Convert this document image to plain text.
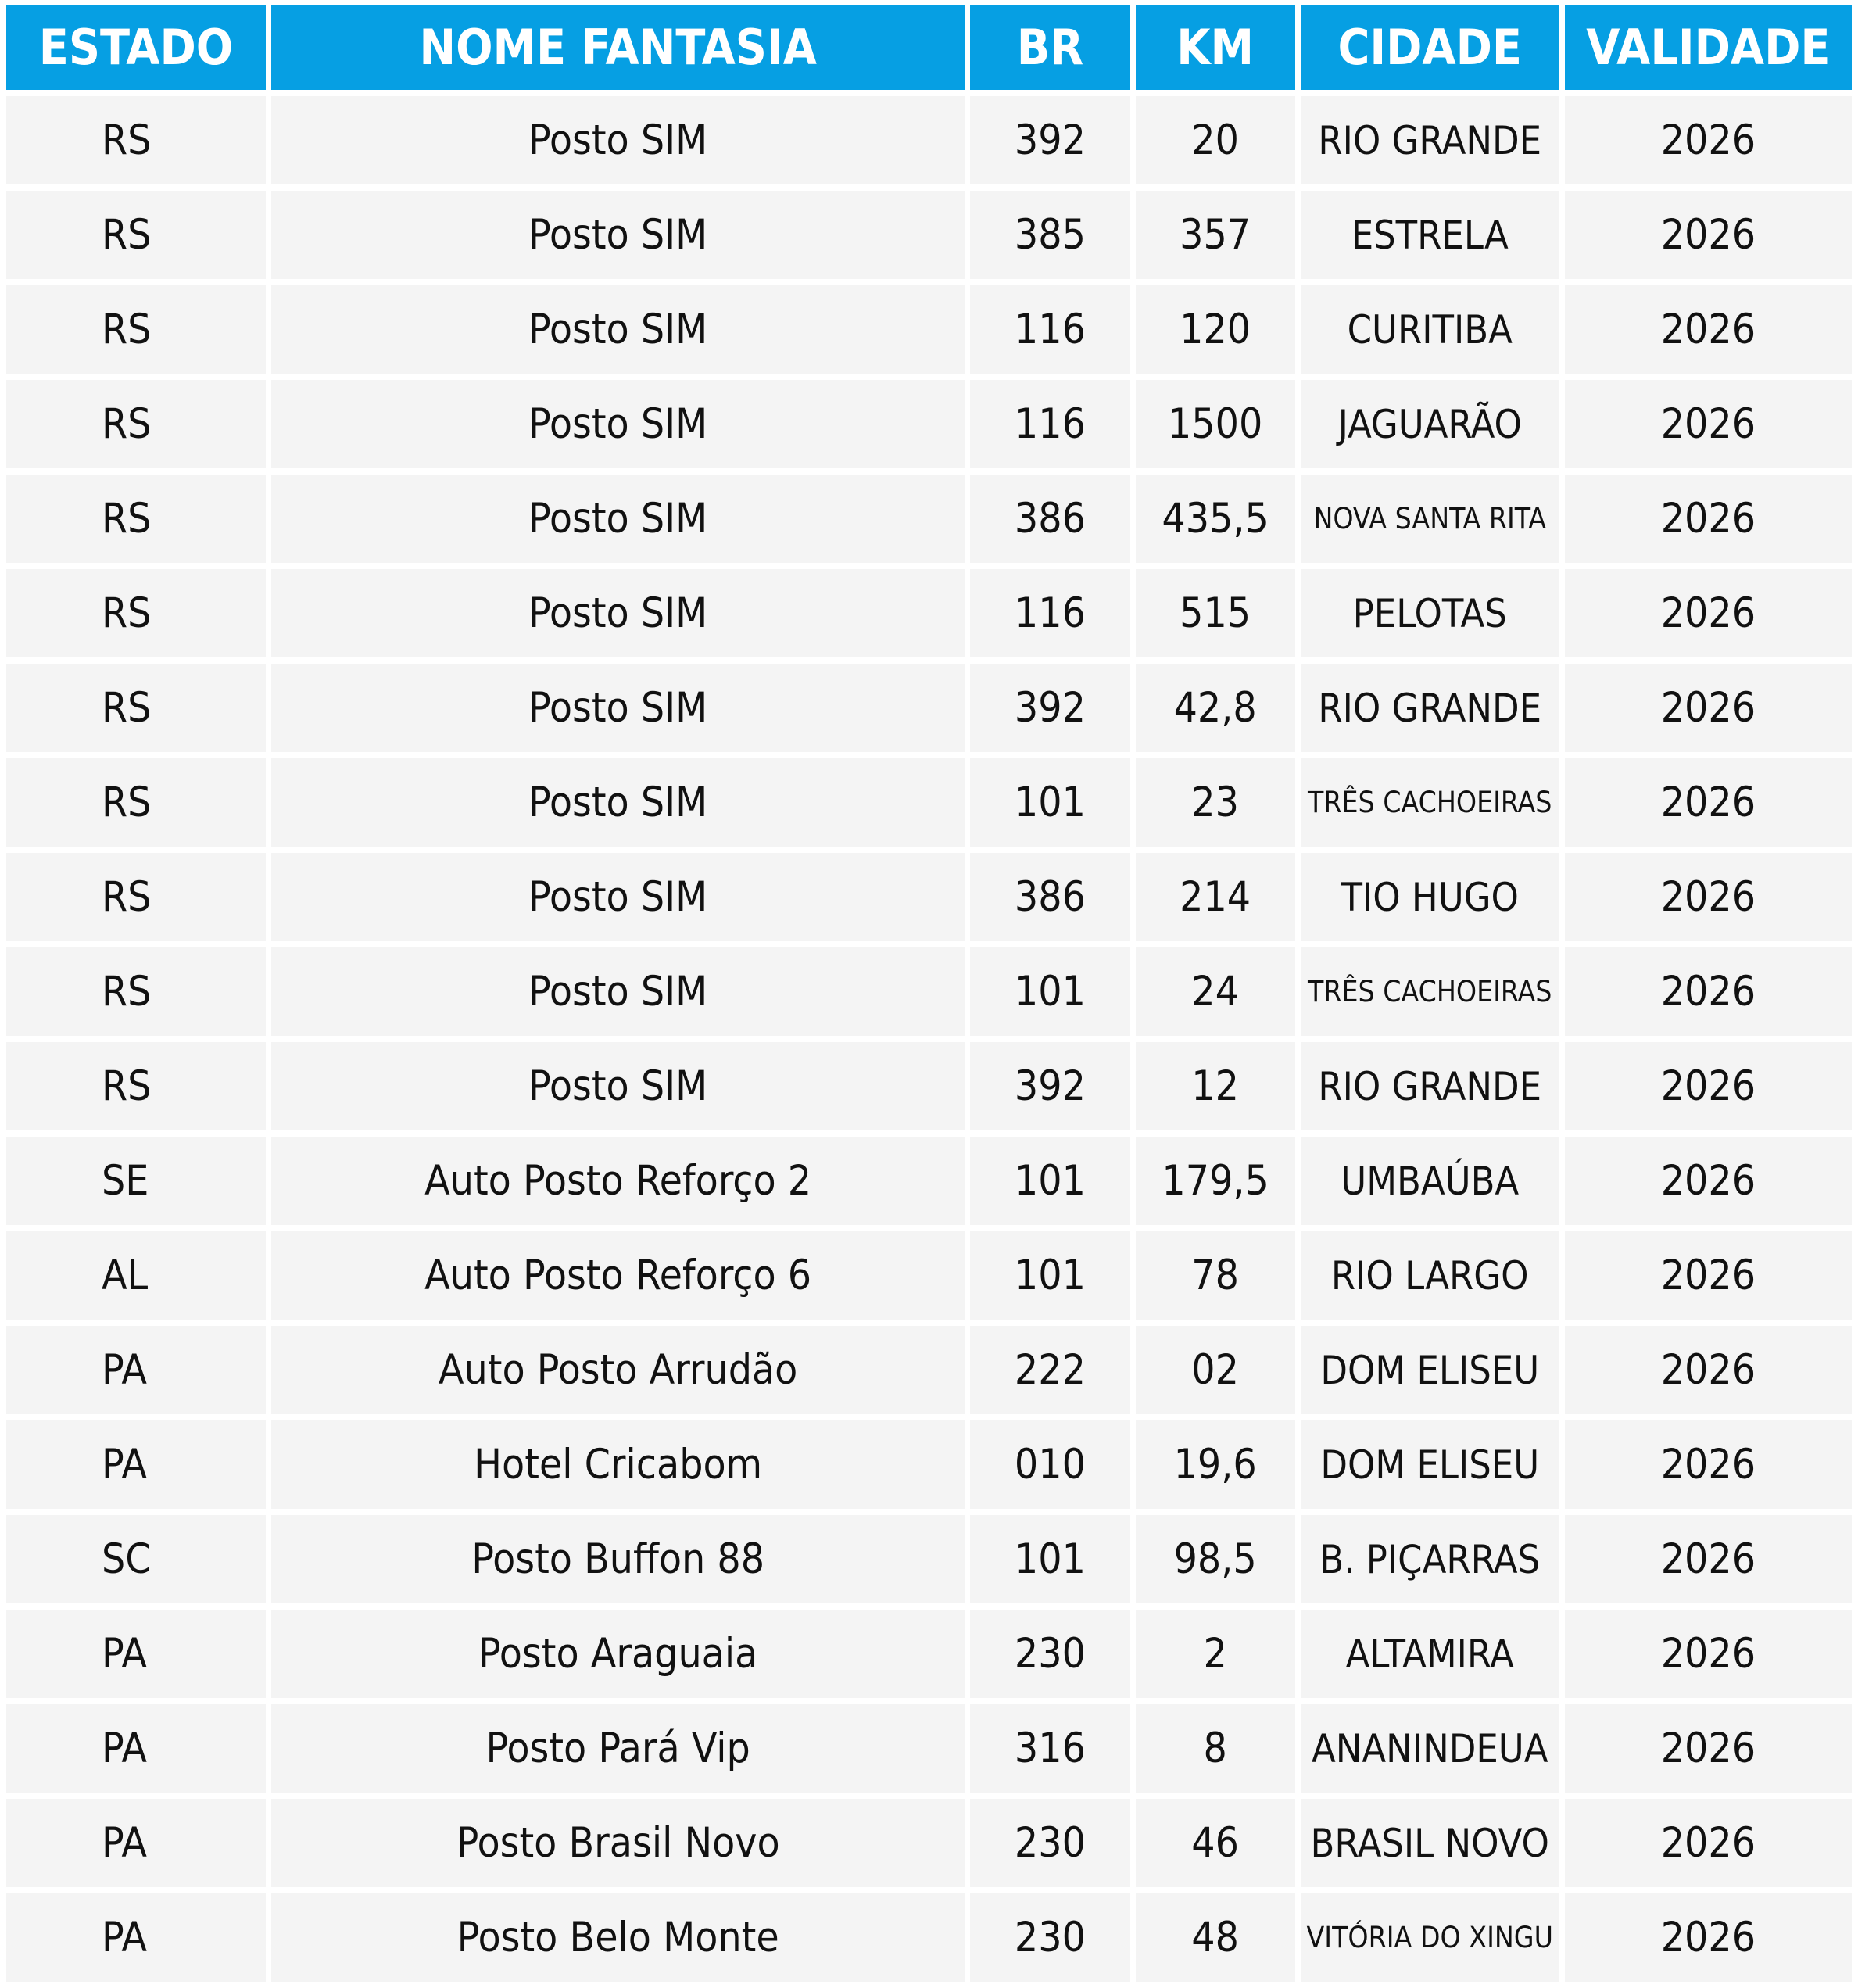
ESTADO	NOME FANTASIA	BR	KM	CIDADE	VALIDADE
RS	Posto SIM	392	20	RIO GRANDE	2026
RS	Posto SIM	385	357	ESTRELA	2026
RS	Posto SIM	116	120	CURITIBA	2026
RS	Posto SIM	116	1500	JAGUARÃO	2026
RS	Posto SIM	386	435,5	NOVA SANTA RITA	2026
RS	Posto SIM	116	515	PELOTAS	2026
RS	Posto SIM	392	42,8	RIO GRANDE	2026
RS	Posto SIM	101	23	TRÊS CACHOEIRAS	2026
RS	Posto SIM	386	214	TIO HUGO	2026
RS	Posto SIM	101	24	TRÊS CACHOEIRAS	2026
RS	Posto SIM	392	12	RIO GRANDE	2026
SE	Auto Posto Reforço 2	101	179,5	UMBAÚBA	2026
AL	Auto Posto Reforço 6	101	78	RIO LARGO	2026
PA	Auto Posto Arrudão	222	02	DOM ELISEU	2026
PA	Hotel Cricabom	010	19,6	DOM ELISEU	2026
SC	Posto Buffon 88	101	98,5	B. PIÇARRAS	2026
PA	Posto Araguaia	230	2	ALTAMIRA	2026
PA	Posto Pará Vip	316	8	ANANINDEUA	2026
PA	Posto Brasil Novo	230	46	BRASIL NOVO	2026
PA	Posto Belo Monte	230	48	VITÓRIA DO XINGU	2026
